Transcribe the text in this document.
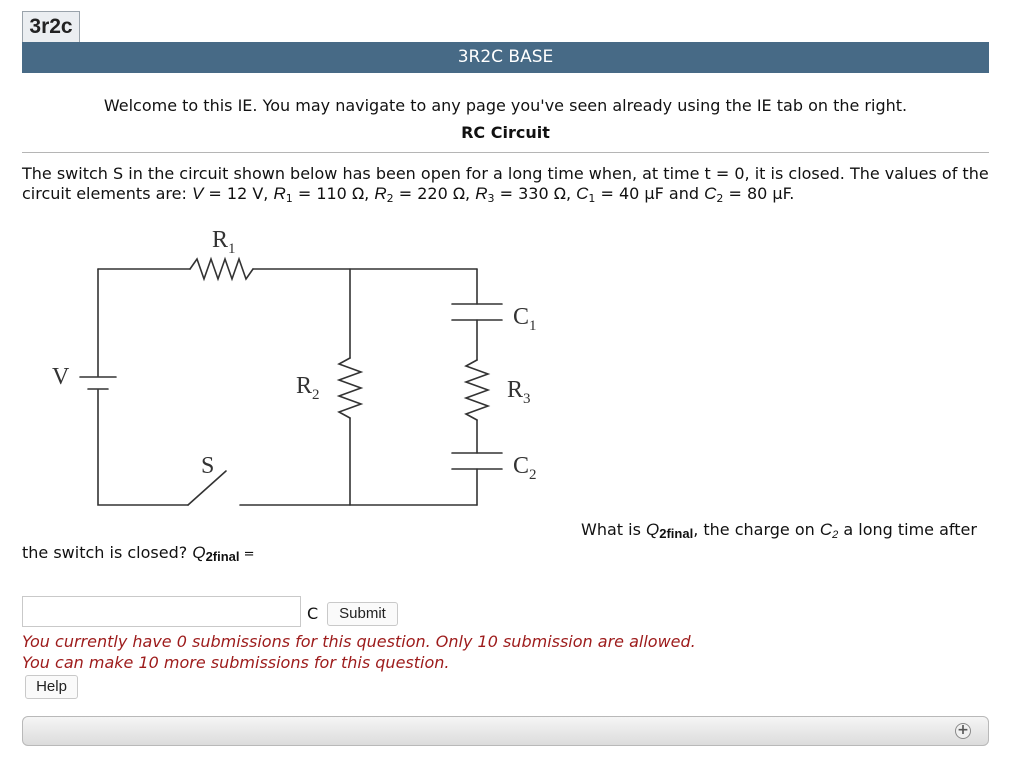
3r2c
3R2C BASE
Welcome to this IE. You may navigate to any page you've seen already using the IE tab on the right.
RC Circuit
The switch S in the circuit shown below has been open for a long time when, at time t = 0, it is closed. The values of the circuit elements are: V = 12 V, $R_1 = 110$ Ω, $R_2 = 220$ Ω, $R_3 = 330$ Ω, $C_1 = 40$ μF and $C_2 = 80$ μF.
$R_1$
$C_1$
V	$R_2$	$R_3$
S	$C_2$
What is Q2final, the charge on $C_2$ a long time after
the switch is closed? Q2final =
C	Submit
You currently have 0 submissions for this question. Only 10 submission are allowed.
You can make 10 more submissions for this question.
Help
+
